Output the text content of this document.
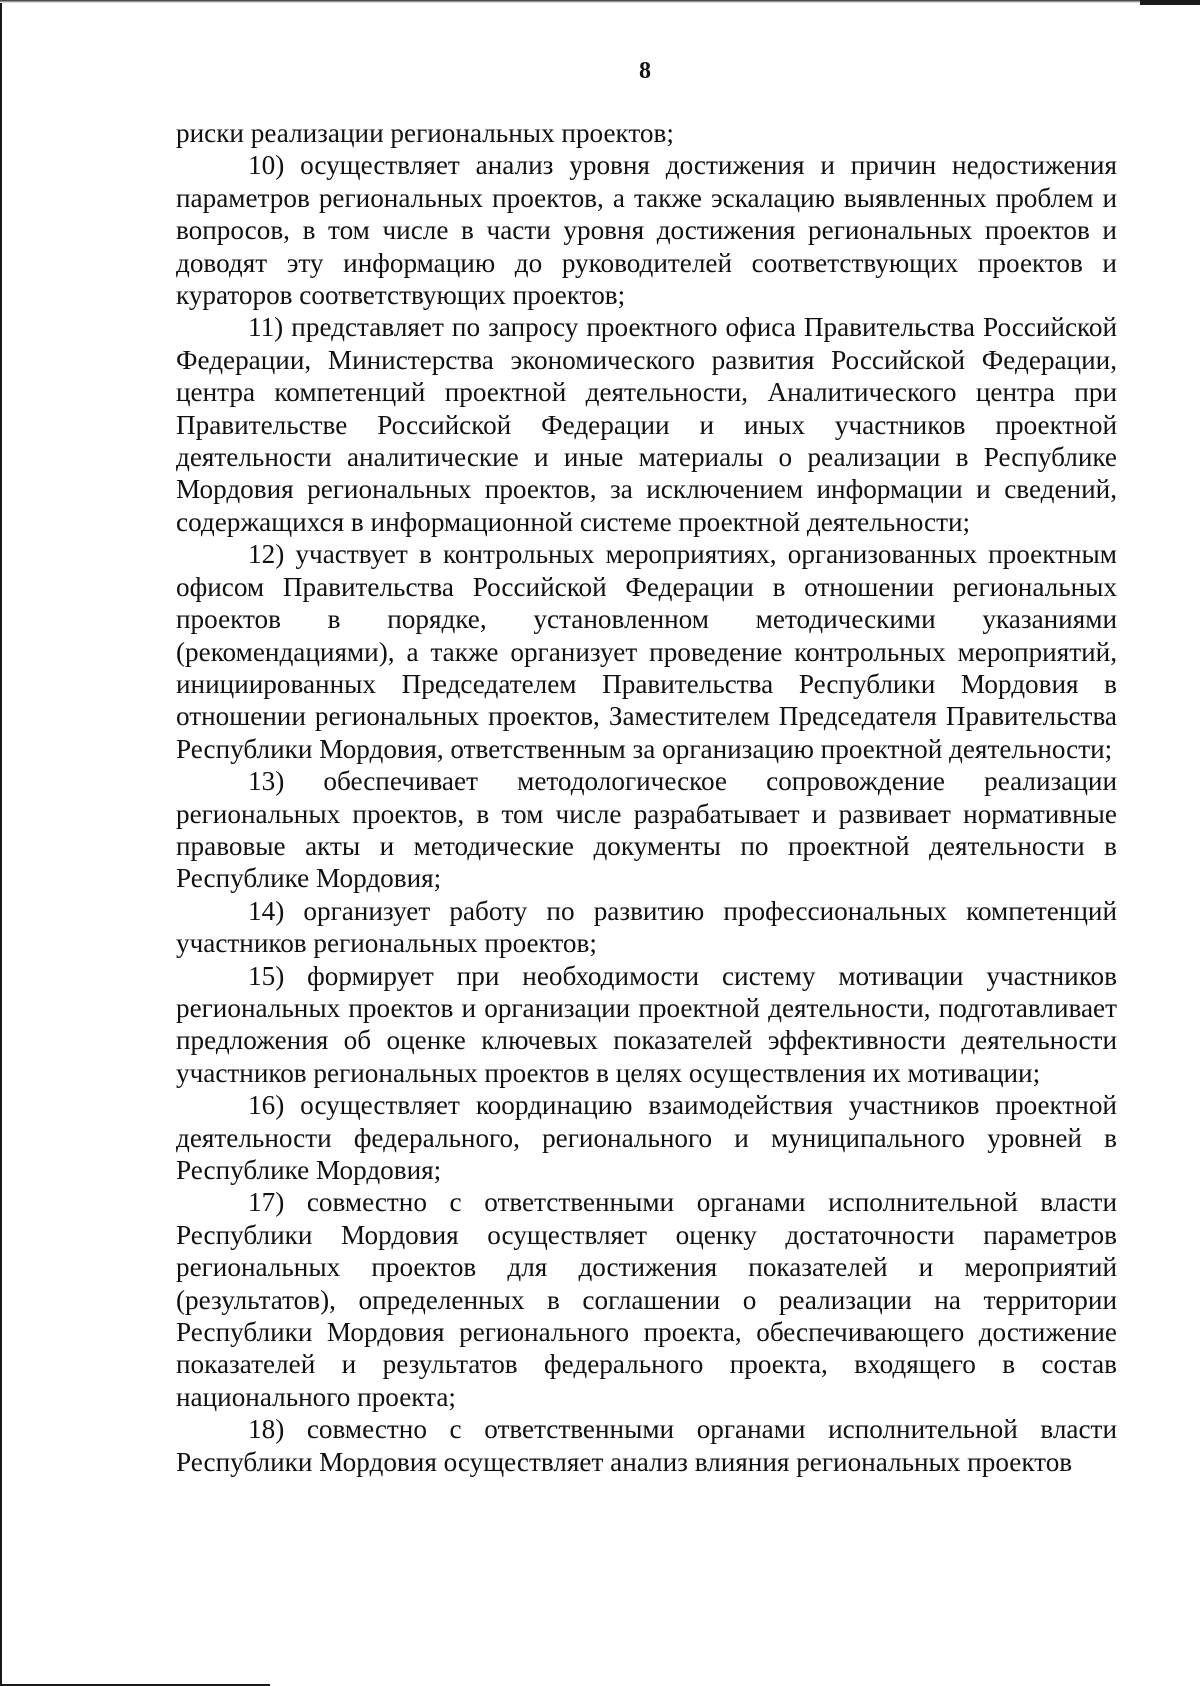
8

риски реализации региональных проектов;

10) осуществляет анализ уровня достижения и причин недостижения параметров региональных проектов, а также эскалацию выявленных проблем и вопросов, в том числе в части уровня достижения региональных проектов и доводят эту информацию до руководителей соответствующих проектов и кураторов соответствующих проектов;

11) представляет по запросу проектного офиса Правительства Российской Федерации, Министерства экономического развития Российской Федерации, центра компетенций проектной деятельности, Аналитического центра при Правительстве Российской Федерации и иных участников проектной деятельности аналитические и иные материалы о реализации в Республике Мордовия региональных проектов, за исключением информации и сведений, содержащихся в информационной системе проектной деятельности;

12) участвует в контрольных мероприятиях, организованных проектным офисом Правительства Российской Федерации в отношении региональных проектов в порядке, установленном методическими указаниями (рекомендациями), а также организует проведение контрольных мероприятий, инициированных Председателем Правительства Республики Мордовия в отношении региональных проектов, Заместителем Председателя Правительства Республики Мордовия, ответственным за организацию проектной деятельности;

13) обеспечивает методологическое сопровождение реализации региональных проектов, в том числе разрабатывает и развивает нормативные правовые акты и методические документы по проектной деятельности в Республике Мордовия;

14) организует работу по развитию профессиональных компетенций участников региональных проектов;

15) формирует при необходимости систему мотивации участников региональных проектов и организации проектной деятельности, подготавливает предложения об оценке ключевых показателей эффективности деятельности участников региональных проектов в целях осуществления их мотивации;

16) осуществляет координацию взаимодействия участников проектной деятельности федерального, регионального и муниципального уровней в Республике Мордовия;

17) совместно с ответственными органами исполнительной власти Республики Мордовия осуществляет оценку достаточности параметров региональных проектов для достижения показателей и мероприятий (результатов), определенных в соглашении о реализации на территории Республики Мордовия регионального проекта, обеспечивающего достижение показателей и результатов федерального проекта, входящего в состав национального проекта;

18) совместно с ответственными органами исполнительной власти Республики Мордовия осуществляет анализ влияния региональных проектов
